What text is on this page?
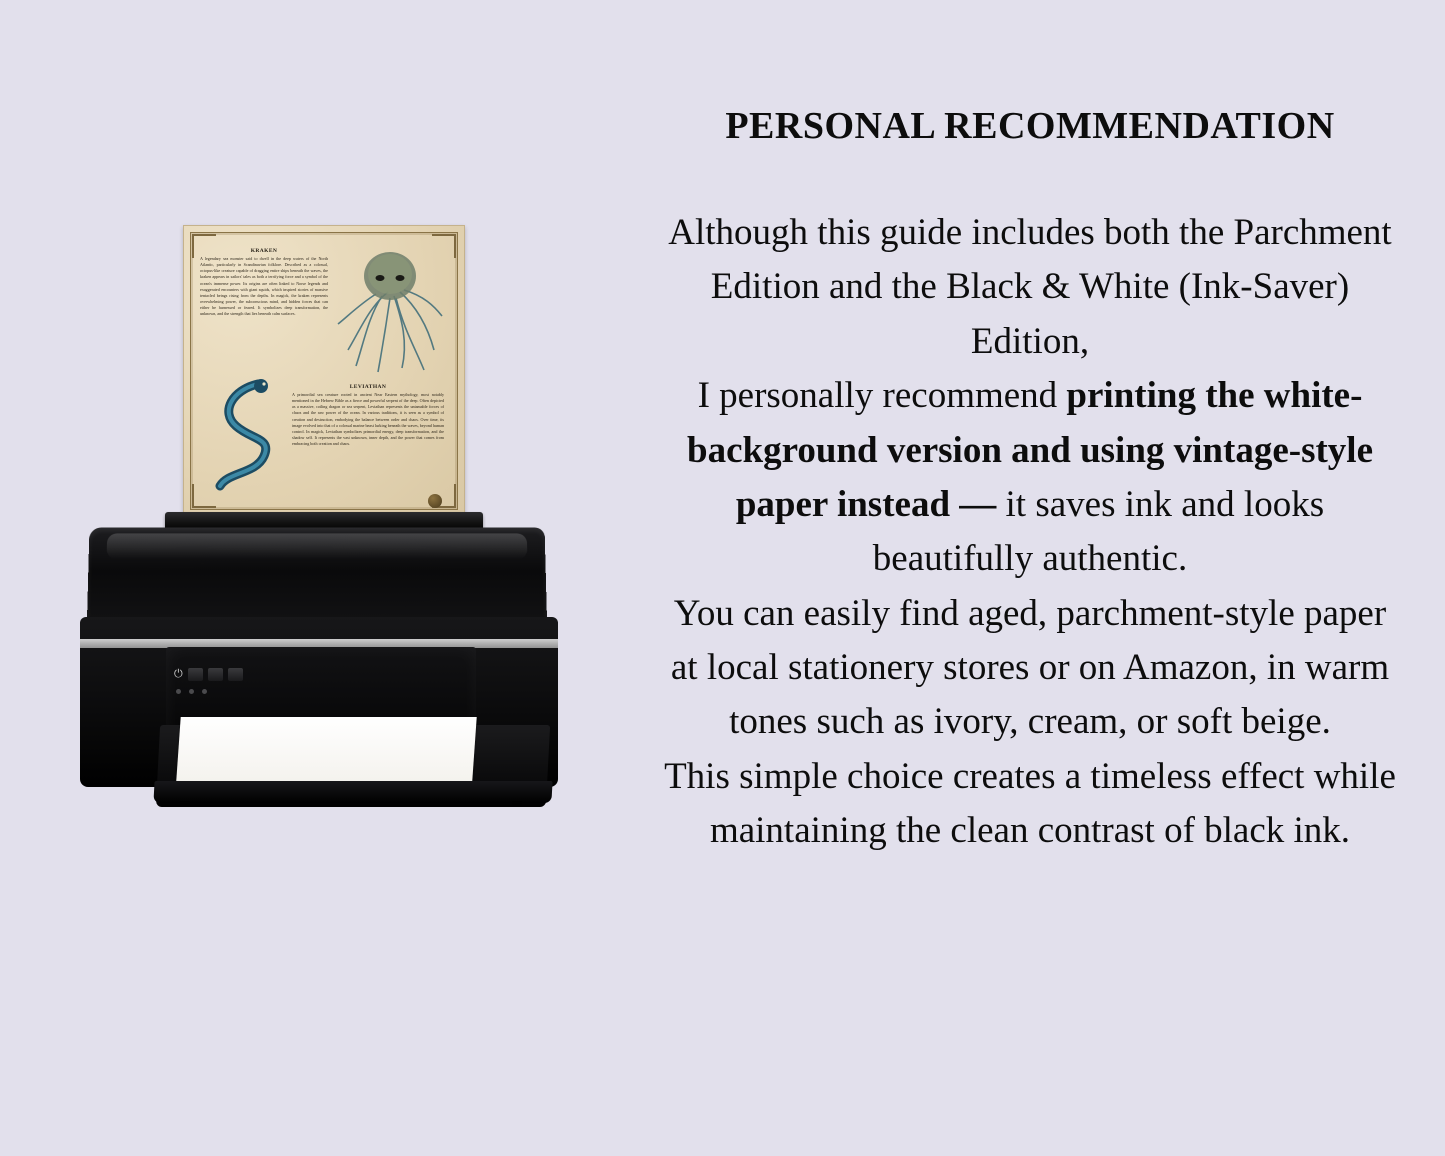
KRAKEN
A legendary sea monster said to dwell in the deep waters of the North Atlantic, particularly in Scandinavian folklore. Described as a colossal, octopus-like creature capable of dragging entire ships beneath the waves, the kraken appears in sailors' tales as both a terrifying force and a symbol of the ocean's immense power. Its origins are often linked to Norse legends and exaggerated encounters with giant squids, which inspired stories of massive tentacled beings rising from the depths. In magick, the kraken represents overwhelming power, the subconscious mind, and hidden forces that can either be harnessed or feared. It symbolizes deep transformation, the unknown, and the strength that lies beneath calm surfaces.
LEVIATHAN
A primordial sea creature rooted in ancient Near Eastern mythology, most notably mentioned in the Hebrew Bible as a fierce and powerful serpent of the deep. Often depicted as a massive, coiling dragon or sea serpent, Leviathan represents the untamable forces of chaos and the raw power of the ocean. In various traditions, it is seen as a symbol of creation and destruction, embodying the balance between order and chaos. Over time, its image evolved into that of a colossal marine beast lurking beneath the waves, beyond human control. In magick, Leviathan symbolizes primordial energy, deep transformation, and the shadow self. It represents the vast unknown, inner depth, and the power that comes from embracing both creation and chaos.
⏻
PERSONAL RECOMMENDATION
Although this guide includes both the Parchment Edition and the Black & White (Ink-Saver) Edition,
I personally recommend printing the white-background version and using vintage-style paper instead — it saves ink and looks beautifully authentic.
You can easily find aged, parchment-style paper at local stationery stores or on Amazon, in warm tones such as ivory, cream, or soft beige.
This simple choice creates a timeless effect while maintaining the clean contrast of black ink.
